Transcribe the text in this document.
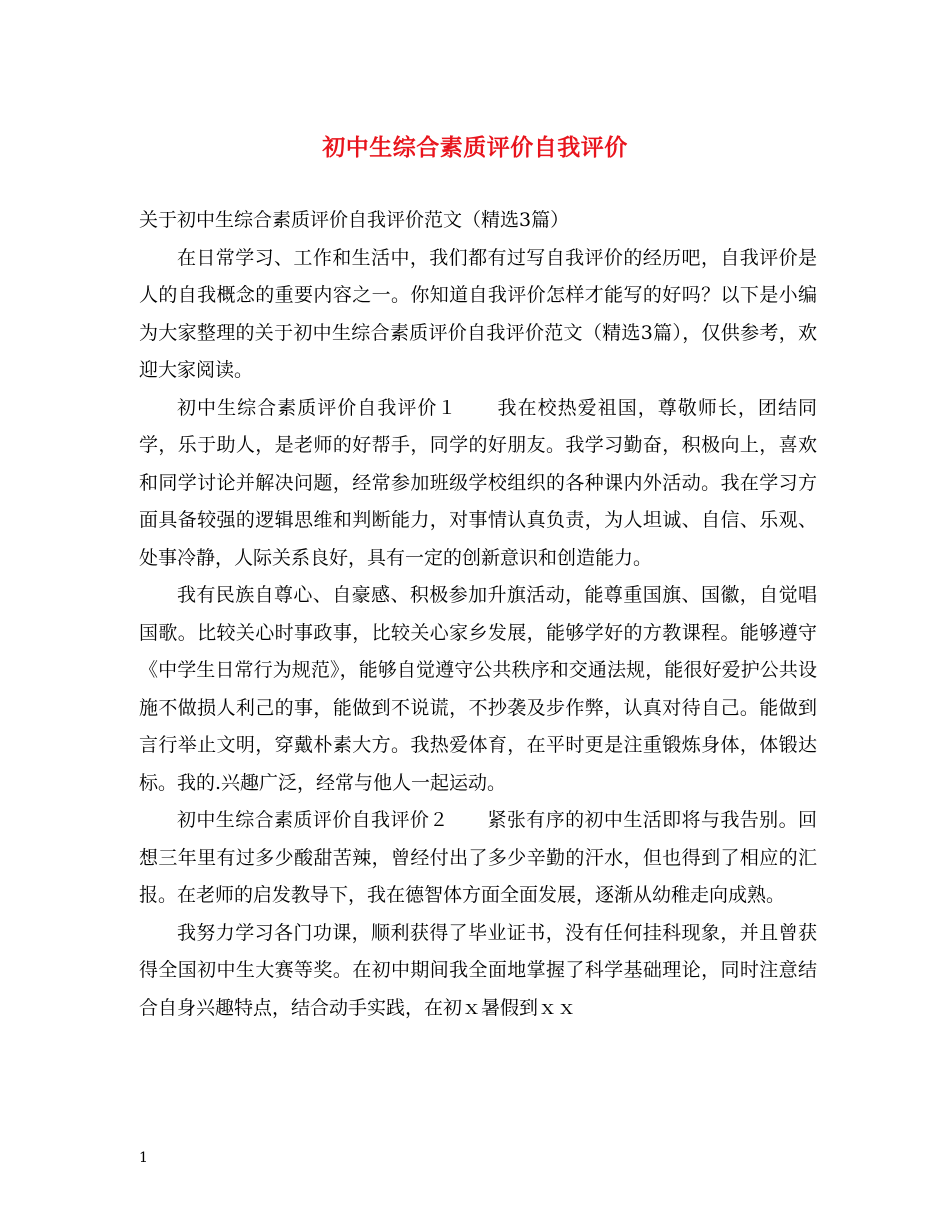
初中生综合素质评价自我评价

关于初中生综合素质评价自我评价范文（精选3篇）

在日常学习、工作和生活中，我们都有过写自我评价的经历吧，自我评价是人的自我概念的重要内容之一。你知道自我评价怎样才能写的好吗？以下是小编为大家整理的关于初中生综合素质评价自我评价范文（精选3篇），仅供参考，欢迎大家阅读。

初中生综合素质评价自我评价１　　我在校热爱祖国，尊敬师长，团结同学，乐于助人，是老师的好帮手，同学的好朋友。我学习勤奋，积极向上，喜欢和同学讨论并解决问题，经常参加班级学校组织的各种课内外活动。我在学习方面具备较强的逻辑思维和判断能力，对事情认真负责，为人坦诚、自信、乐观、处事冷静，人际关系良好，具有一定的创新意识和创造能力。

我有民族自尊心、自豪感、积极参加升旗活动，能尊重国旗、国徽，自觉唱国歌。比较关心时事政事，比较关心家乡发展，能够学好的方教课程。能够遵守《中学生日常行为规范》，能够自觉遵守公共秩序和交通法规，能很好爱护公共设施不做损人利己的事，能做到不说谎，不抄袭及步作弊，认真对待自己。能做到言行举止文明，穿戴朴素大方。我热爱体育，在平时更是注重锻炼身体，体锻达标。我的.兴趣广泛，经常与他人一起运动。

初中生综合素质评价自我评价２　　紧张有序的初中生活即将与我告别。回想三年里有过多少酸甜苦辣，曾经付出了多少辛勤的汗水，但也得到了相应的汇报。在老师的启发教导下，我在德智体方面全面发展，逐渐从幼稚走向成熟。

我努力学习各门功课，顺利获得了毕业证书，没有任何挂科现象，并且曾获得全国初中生大赛等奖。在初中期间我全面地掌握了科学基础理论，同时注意结合自身兴趣特点，结合动手实践，在初ｘ暑假到ｘｘ

1
